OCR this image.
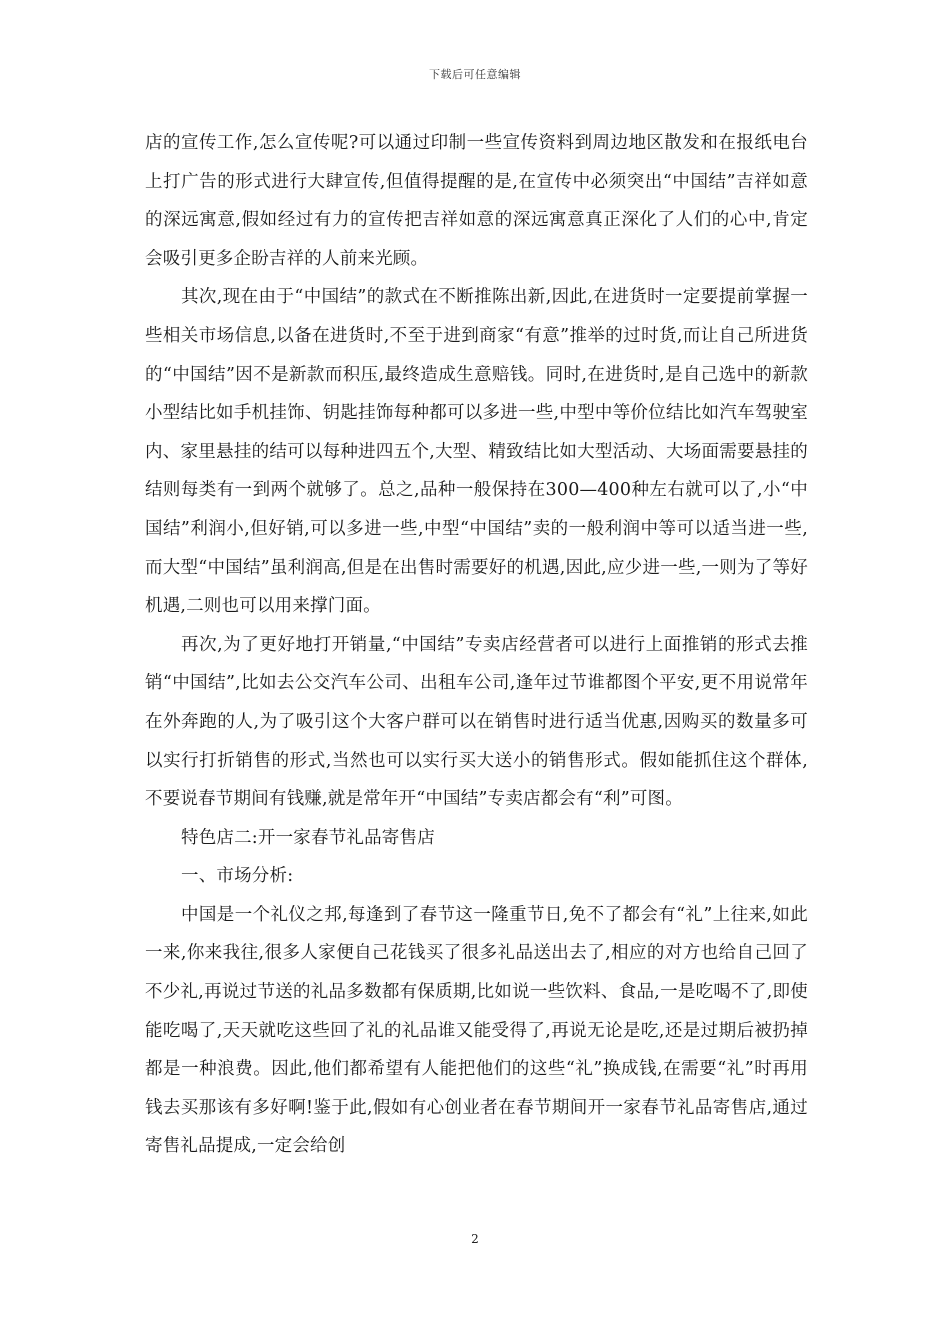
下载后可任意编辑

店的宣传工作,怎么宣传呢?可以通过印制一些宣传资料到周边地区散发和在报纸电台上打广告的形式进行大肆宣传,但值得提醒的是,在宣传中必须突出“中国结”吉祥如意的深远寓意,假如经过有力的宣传把吉祥如意的深远寓意真正深化了人们的心中,肯定会吸引更多企盼吉祥的人前来光顾。

其次,现在由于“中国结”的款式在不断推陈出新,因此,在进货时一定要提前掌握一些相关市场信息,以备在进货时,不至于进到商家“有意”推举的过时货,而让自己所进货的“中国结”因不是新款而积压,最终造成生意赔钱。同时,在进货时,是自己选中的新款小型结比如手机挂饰、钥匙挂饰每种都可以多进一些,中型中等价位结比如汽车驾驶室内、家里悬挂的结可以每种进四五个,大型、精致结比如大型活动、大场面需要悬挂的结则每类有一到两个就够了。总之,品种一般保持在300—400种左右就可以了,小“中国结”利润小,但好销,可以多进一些,中型“中国结”卖的一般利润中等可以适当进一些,而大型“中国结”虽利润高,但是在出售时需要好的机遇,因此,应少进一些,一则为了等好机遇,二则也可以用来撑门面。

再次,为了更好地打开销量,“中国结”专卖店经营者可以进行上面推销的形式去推销“中国结”,比如去公交汽车公司、出租车公司,逢年过节谁都图个平安,更不用说常年在外奔跑的人,为了吸引这个大客户群可以在销售时进行适当优惠,因购买的数量多可以实行打折销售的形式,当然也可以实行买大送小的销售形式。假如能抓住这个群体,不要说春节期间有钱赚,就是常年开“中国结”专卖店都会有“利”可图。

特色店二:开一家春节礼品寄售店

一、市场分析:

中国是一个礼仪之邦,每逢到了春节这一隆重节日,免不了都会有“礼”上往来,如此一来,你来我往,很多人家便自己花钱买了很多礼品送出去了,相应的对方也给自己回了不少礼,再说过节送的礼品多数都有保质期,比如说一些饮料、食品,一是吃喝不了,即使能吃喝了,天天就吃这些回了礼的礼品谁又能受得了,再说无论是吃,还是过期后被扔掉都是一种浪费。因此,他们都希望有人能把他们的这些“礼”换成钱,在需要“礼”时再用钱去买那该有多好啊!鉴于此,假如有心创业者在春节期间开一家春节礼品寄售店,通过寄售礼品提成,一定会给创

2
